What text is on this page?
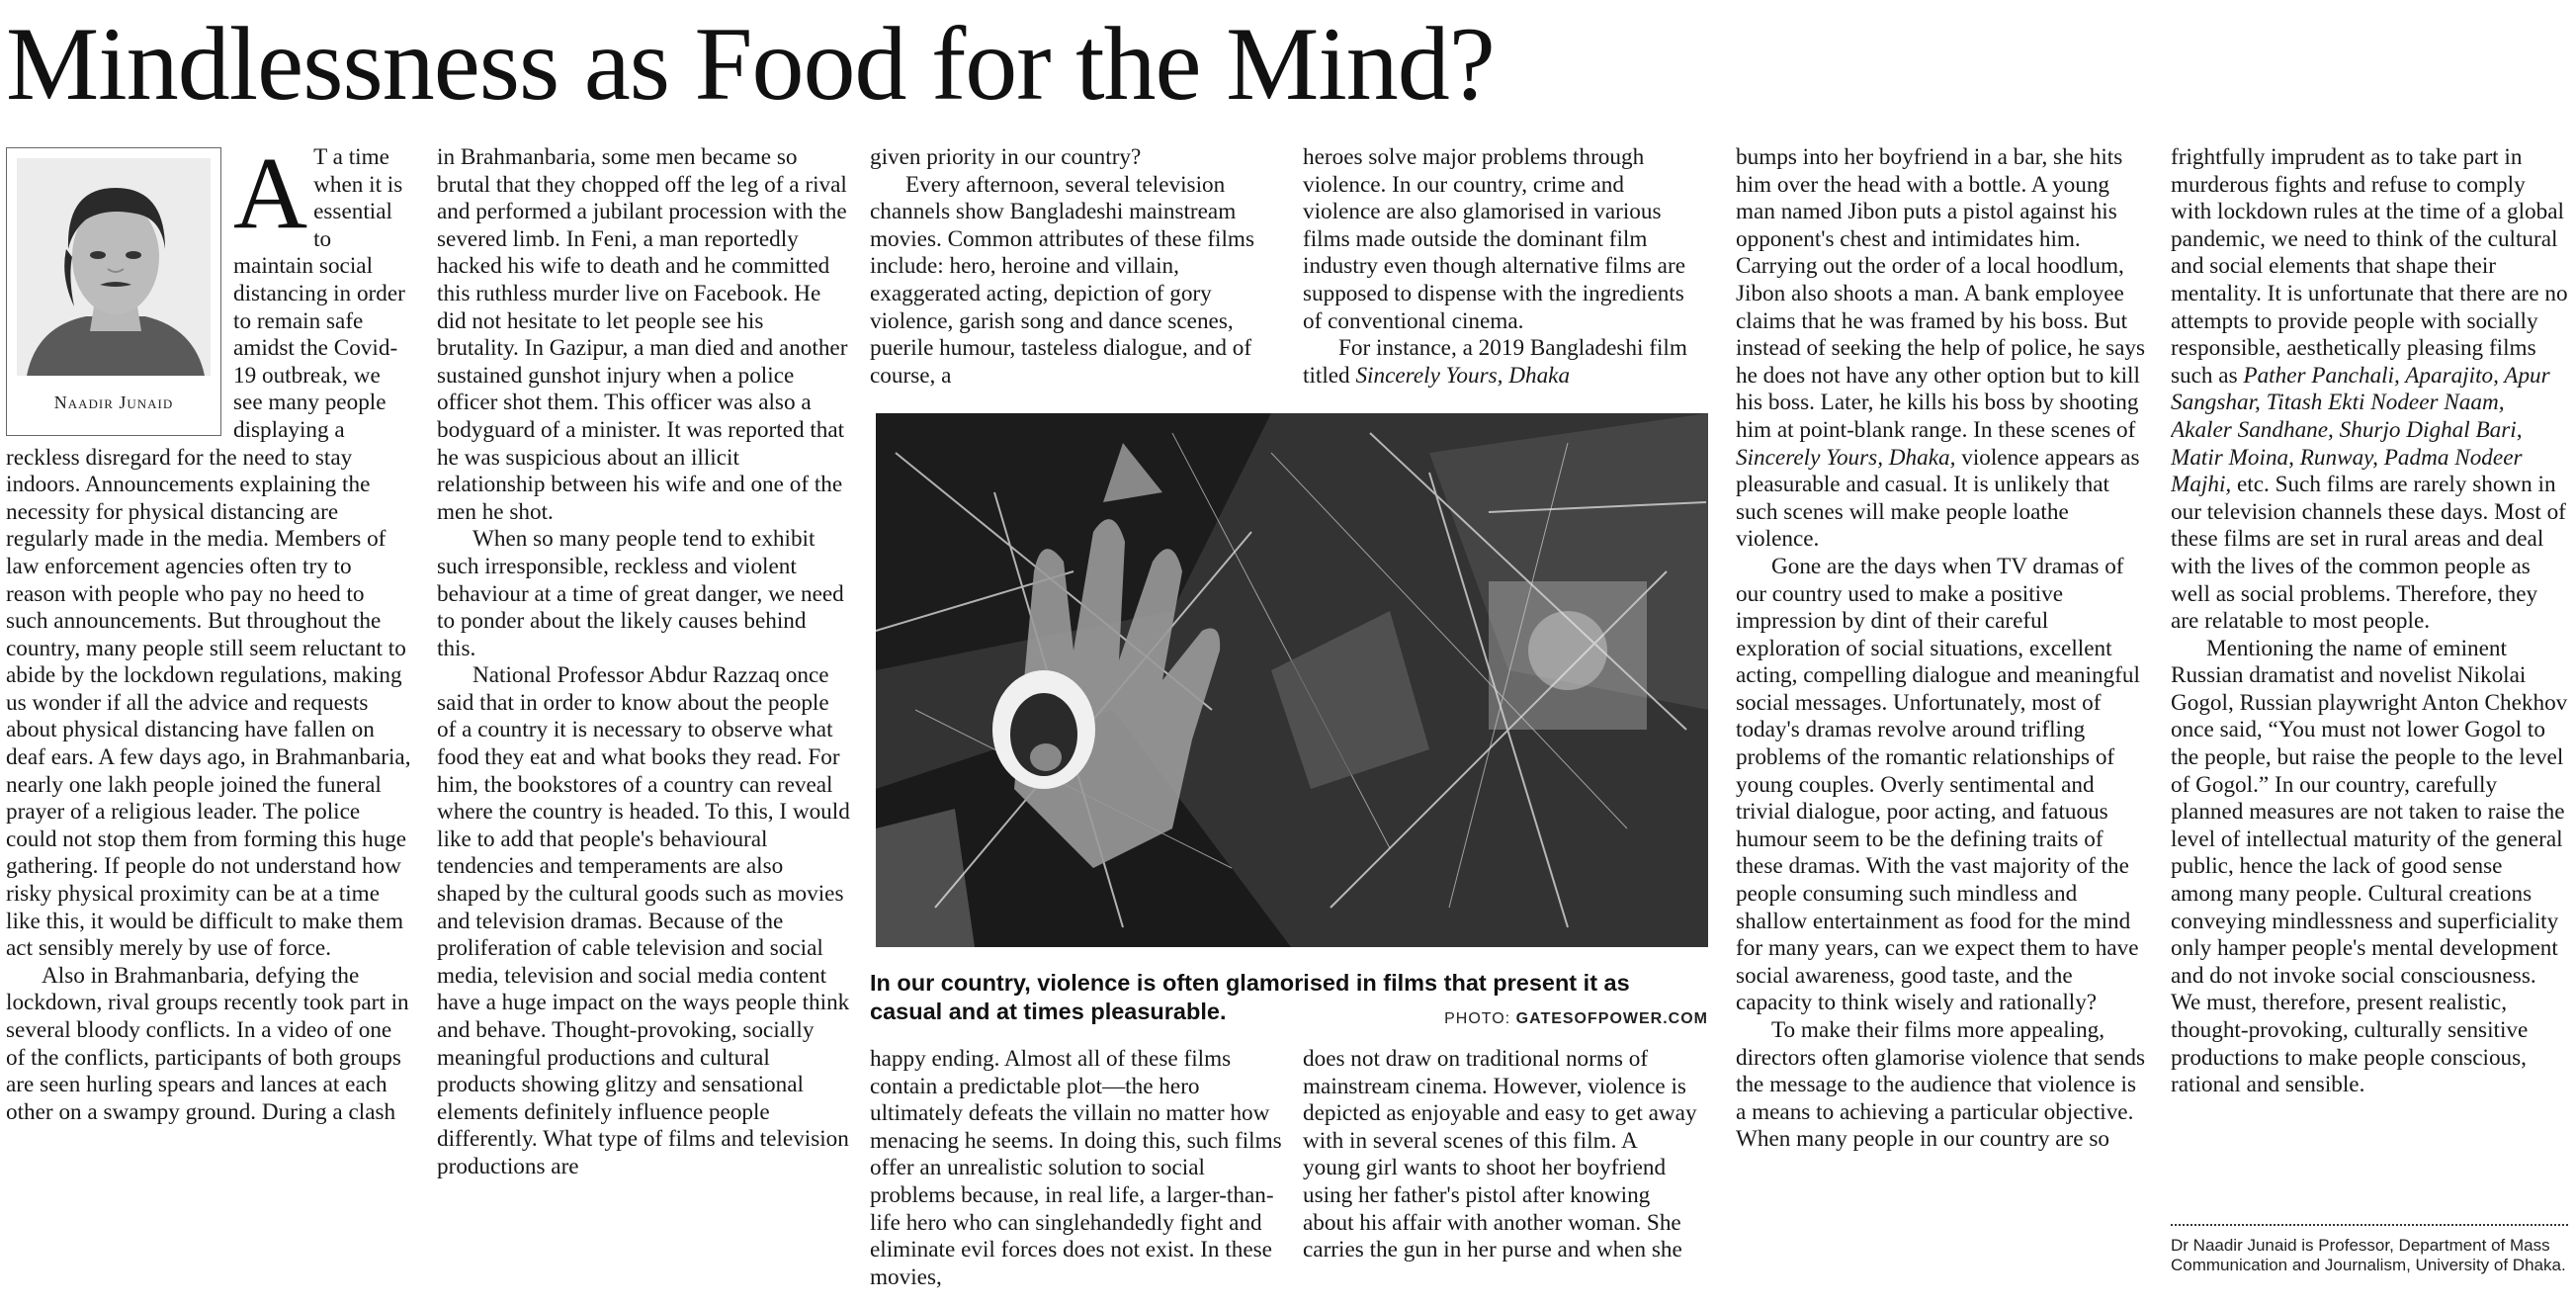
Mindlessness as Food for the Mind?
Naadir Junaid
A T a time when it is essential to maintain social distancing in order to remain safe amidst the Covid-19 outbreak, we see many people displaying a reckless disregard for the need to stay indoors. Announcements explaining the necessity for physical distancing are regularly made in the media. Members of law enforcement agencies often try to reason with people who pay no heed to such announcements. But throughout the country, many people still seem reluctant to abide by the lockdown regulations, making us wonder if all the advice and requests about physical distancing have fallen on deaf ears. A few days ago, in Brahmanbaria, nearly one lakh people joined the funeral prayer of a religious leader. The police could not stop them from forming this huge gathering. If people do not understand how risky physical proximity can be at a time like this, it would be difficult to make them act sensibly merely by use of force.

Also in Brahmanbaria, defying the lockdown, rival groups recently took part in several bloody conflicts. In a video of one of the conflicts, participants of both groups are seen hurling spears and lances at each other on a swampy ground. During a clash

in Brahmanbaria, some men became so brutal that they chopped off the leg of a rival and performed a jubilant procession with the severed limb. In Feni, a man reportedly hacked his wife to death and he committed this ruthless murder live on Facebook. He did not hesitate to let people see his brutality. In Gazipur, a man died and another sustained gunshot injury when a police officer shot them. This officer was also a bodyguard of a minister. It was reported that he was suspicious about an illicit relationship between his wife and one of the men he shot.

When so many people tend to exhibit such irresponsible, reckless and violent behaviour at a time of great danger, we need to ponder about the likely causes behind this.

National Professor Abdur Razzaq once said that in order to know about the people of a country it is necessary to observe what food they eat and what books they read. For him, the bookstores of a country can reveal where the country is headed. To this, I would like to add that people's behavioural tendencies and temperaments are also shaped by the cultural goods such as movies and television dramas. Because of the proliferation of cable television and social media, television and social media content have a huge impact on the ways people think and behave. Thought-provoking, socially meaningful productions and cultural products showing glitzy and sensational elements definitely influence people differently. What type of films and television productions are

given priority in our country?

Every afternoon, several television channels show Bangladeshi mainstream movies. Common attributes of these films include: hero, heroine and villain, exaggerated acting, depiction of gory violence, garish song and dance scenes, puerile humour, tasteless dialogue, and of course, a

heroes solve major problems through violence. In our country, crime and violence are also glamorised in various films made outside the dominant film industry even though alternative films are supposed to dispense with the ingredients of conventional cinema.

For instance, a 2019 Bangladeshi film titled Sincerely Yours, Dhaka

In our country, violence is often glamorised in films that present it as casual and at times pleasurable.	PHOTO: GATESOFPOWER.COM

happy ending. Almost all of these films contain a predictable plot—the hero ultimately defeats the villain no matter how menacing he seems. In doing this, such films offer an unrealistic solution to social problems because, in real life, a larger-than-life hero who can singlehandedly fight and eliminate evil forces does not exist. In these movies,

does not draw on traditional norms of mainstream cinema. However, violence is depicted as enjoyable and easy to get away with in several scenes of this film. A young girl wants to shoot her boyfriend using her father's pistol after knowing about his affair with another woman. She carries the gun in her purse and when she

bumps into her boyfriend in a bar, she hits him over the head with a bottle. A young man named Jibon puts a pistol against his opponent's chest and intimidates him. Carrying out the order of a local hoodlum, Jibon also shoots a man. A bank employee claims that he was framed by his boss. But instead of seeking the help of police, he says he does not have any other option but to kill his boss. Later, he kills his boss by shooting him at point-blank range. In these scenes of Sincerely Yours, Dhaka, violence appears as pleasurable and casual. It is unlikely that such scenes will make people loathe violence.

Gone are the days when TV dramas of our country used to make a positive impression by dint of their careful exploration of social situations, excellent acting, compelling dialogue and meaningful social messages. Unfortunately, most of today's dramas revolve around trifling problems of the romantic relationships of young couples. Overly sentimental and trivial dialogue, poor acting, and fatuous humour seem to be the defining traits of these dramas. With the vast majority of the people consuming such mindless and shallow entertainment as food for the mind for many years, can we expect them to have social awareness, good taste, and the capacity to think wisely and rationally?

To make their films more appealing, directors often glamorise violence that sends the message to the audience that violence is a means to achieving a particular objective. When many people in our country are so

frightfully imprudent as to take part in murderous fights and refuse to comply with lockdown rules at the time of a global pandemic, we need to think of the cultural and social elements that shape their mentality. It is unfortunate that there are no attempts to provide people with socially responsible, aesthetically pleasing films such as Pather Panchali, Aparajito, Apur Sangshar, Titash Ekti Nodeer Naam, Akaler Sandhane, Shurjo Dighal Bari, Matir Moina, Runway, Padma Nodeer Majhi, etc. Such films are rarely shown in our television channels these days. Most of these films are set in rural areas and deal with the lives of the common people as well as social problems. Therefore, they are relatable to most people.

Mentioning the name of eminent Russian dramatist and novelist Nikolai Gogol, Russian playwright Anton Chekhov once said, “You must not lower Gogol to the people, but raise the people to the level of Gogol.” In our country, carefully planned measures are not taken to raise the level of intellectual maturity of the general public, hence the lack of good sense among many people. Cultural creations conveying mindlessness and superficiality only hamper people's mental development and do not invoke social consciousness. We must, therefore, present realistic, thought-provoking, culturally sensitive productions to make people conscious, rational and sensible.

Dr Naadir Junaid is Professor, Department of Mass Communication and Journalism, University of Dhaka.
